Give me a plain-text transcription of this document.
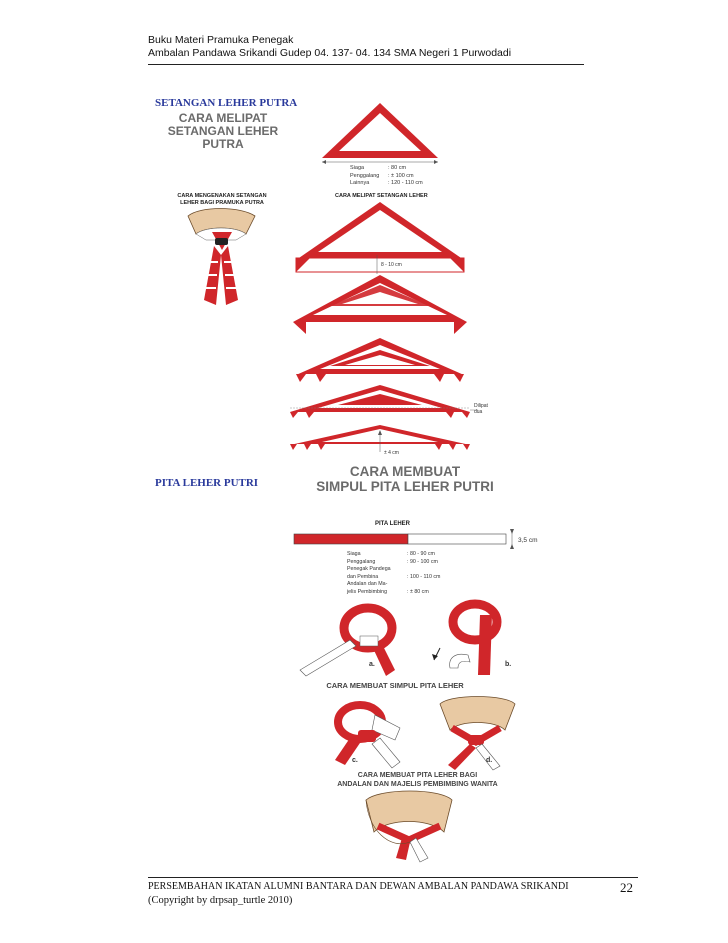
Buku Materi Pramuka Penegak
Ambalan Pandawa Srikandi Gudep 04. 137- 04. 134 SMA Negeri 1 Purwodadi
SETANGAN LEHER PUTRA
CARA MELIPAT
SETANGAN LEHER PUTRA
Siagа
Penggalang
Lainnya
: 80 cm
: ± 100 cm
: 120 - 110 cm
CARA MENGENAKAN SETANGAN LEHER BAGI PRAMUKA PUTRA
CARA MELIPAT SETANGAN LEHER
8 - 10 cm
Dilipat dua
± 4 cm
PITA LEHER PUTRI
CARA MEMBUAT
SIMPUL PITA LEHER PUTRI
PITA LEHER
Siaga
Penggalang
Penegak Pandega
dan Pembina
Andalan dan Ma-
jelis Pembimbing
: 80 - 90 cm
: 90 - 100 cm

: 100 - 110 cm

: ± 80 cm
3,5 cm
a.	b.
c.	d.
CARA MEMBUAT SIMPUL PITA LEHER
CARA MEMBUAT PITA LEHER BAGI
ANDALAN DAN MAJELIS PEMBIMBING WANITA
PERSEMBAHAN IKATAN ALUMNI BANTARA DAN DEWAN AMBALAN PANDAWA SRIKANDI
(Copyright by drpsap_turtle 2010)
22
